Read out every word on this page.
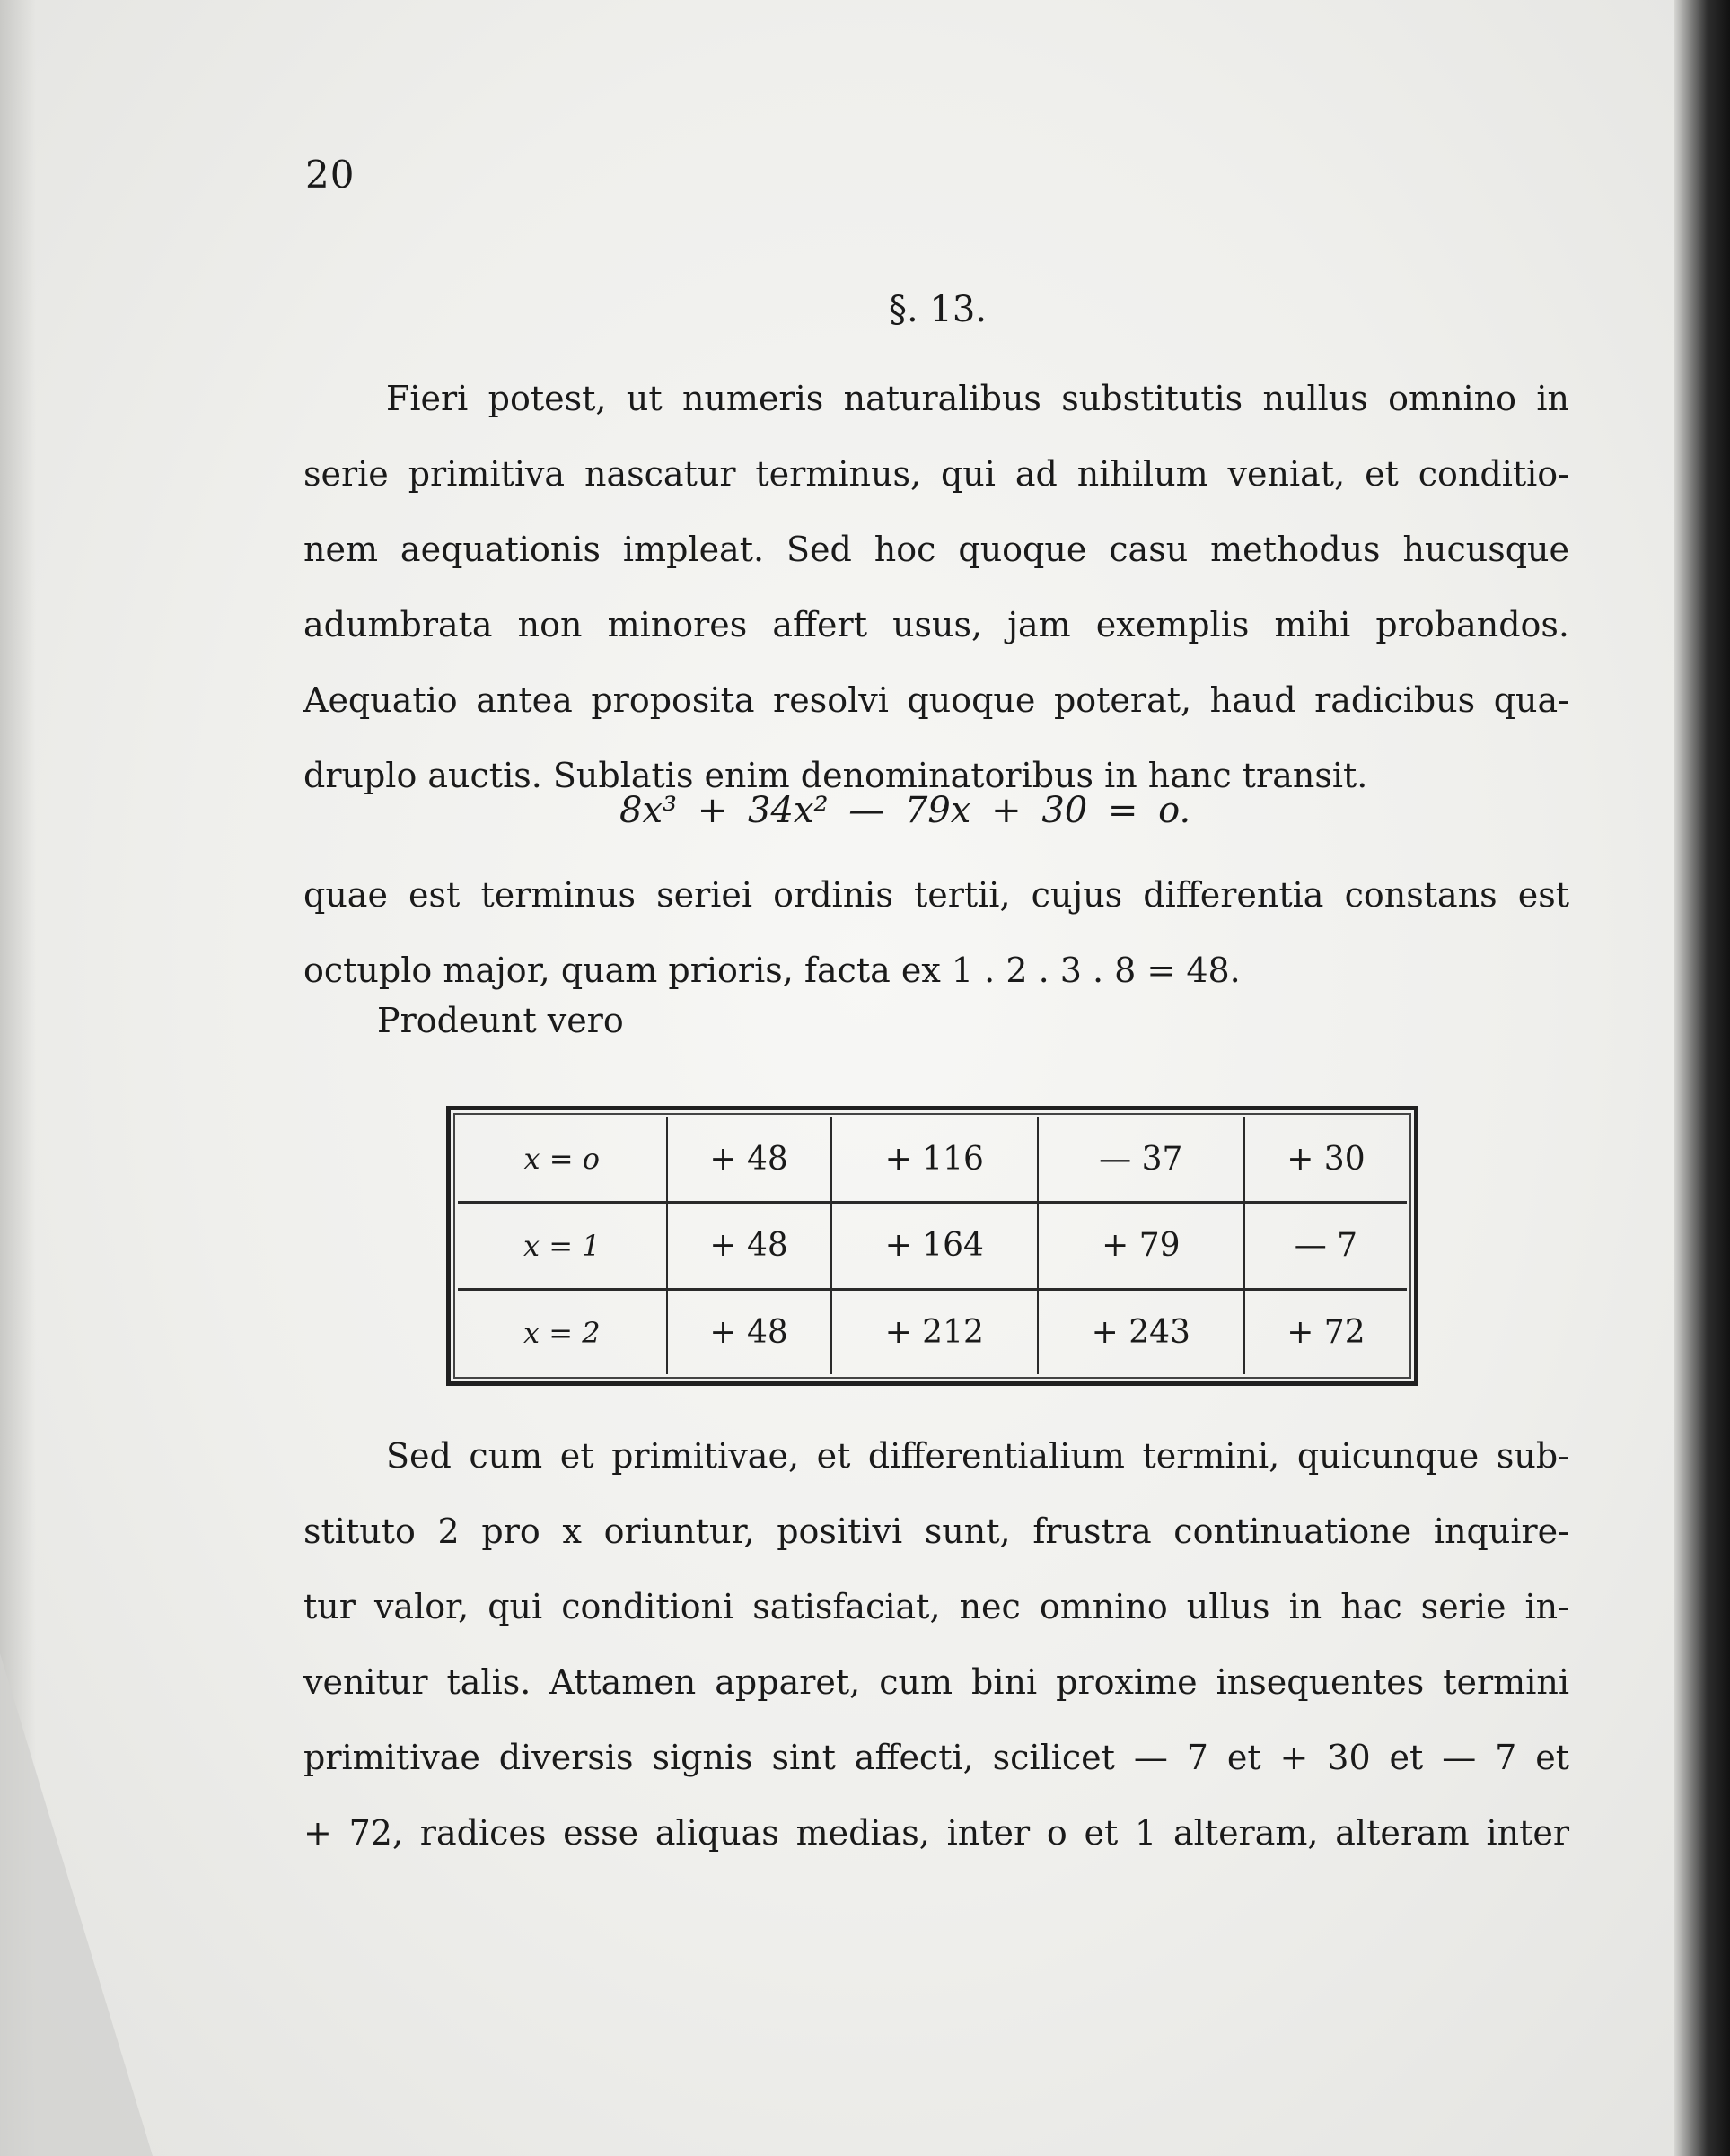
20
§. 13.
Fieri potest, ut numeris naturalibus substitutis nullus omnino in
serie primitiva nascatur terminus, qui ad nihilum veniat, et conditio-
nem aequationis impleat. Sed hoc quoque casu methodus hucusque
adumbrata non minores affert usus, jam exemplis mihi probandos.
Aequatio antea proposita resolvi quoque poterat, haud radicibus qua-
druplo auctis. Sublatis enim denominatoribus in hanc transit.
8x³ + 34x² — 79x + 30 = o.
quae est terminus seriei ordinis tertii, cujus differentia constans est
octuplo major, quam prioris, facta ex 1 . 2 . 3 . 8 = 48.
Prodeunt vero
x = o	+ 48	+ 116	— 37	+ 30
x = 1	+ 48	+ 164	+ 79	— 7
x = 2	+ 48	+ 212	+ 243	+ 72
Sed cum et primitivae, et differentialium termini, quicunque sub-
stituto 2 pro x oriuntur, positivi sunt, frustra continuatione inquire-
tur valor, qui conditioni satisfaciat, nec omnino ullus in hac serie in-
venitur talis. Attamen apparet, cum bini proxime insequentes termini
primitivae diversis signis sint affecti, scilicet — 7 et + 30 et — 7 et
+ 72, radices esse aliquas medias, inter o et 1 alteram, alteram inter
